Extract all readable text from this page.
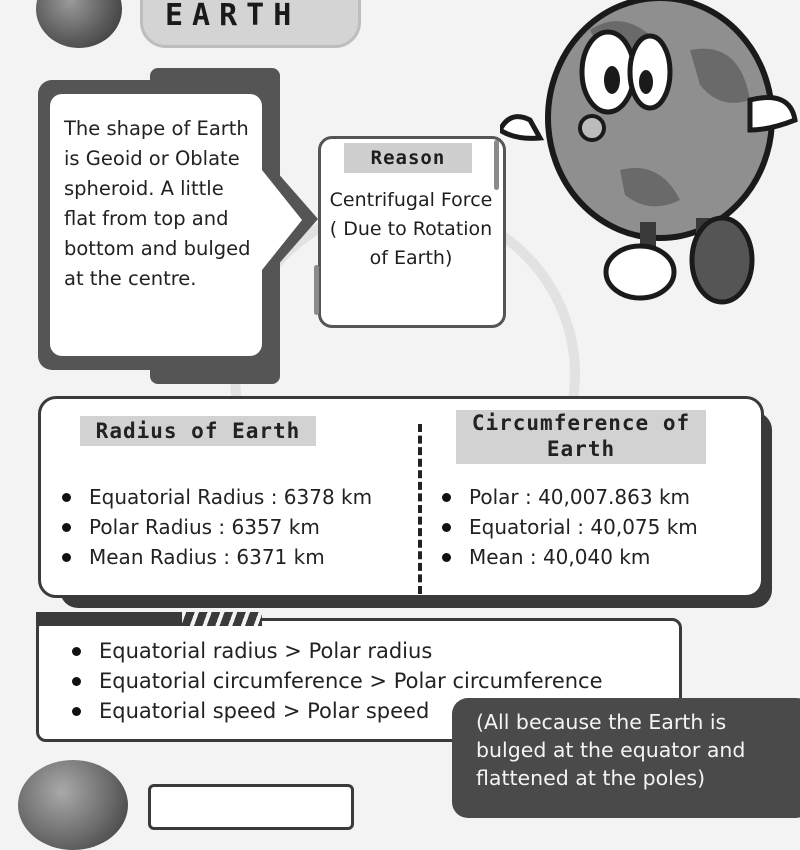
EARTH
The shape of Earth is Geoid or Oblate spheroid. A little flat from top and bottom and bulged at the centre.
Reason
Centrifugal Force ( Due to Rotation of Earth)
Radius of Earth	Circumference of Earth
Equatorial Radius : 6378 km
Polar Radius : 6357 km
Mean Radius : 6371 km
Polar : 40,007.863 km
Equatorial : 40,075 km
Mean : 40,040 km
Equatorial radius > Polar radius
Equatorial circumference > Polar circumference
Equatorial speed > Polar speed (All because the Earth is bulged at the equator and flattened at the poles)
